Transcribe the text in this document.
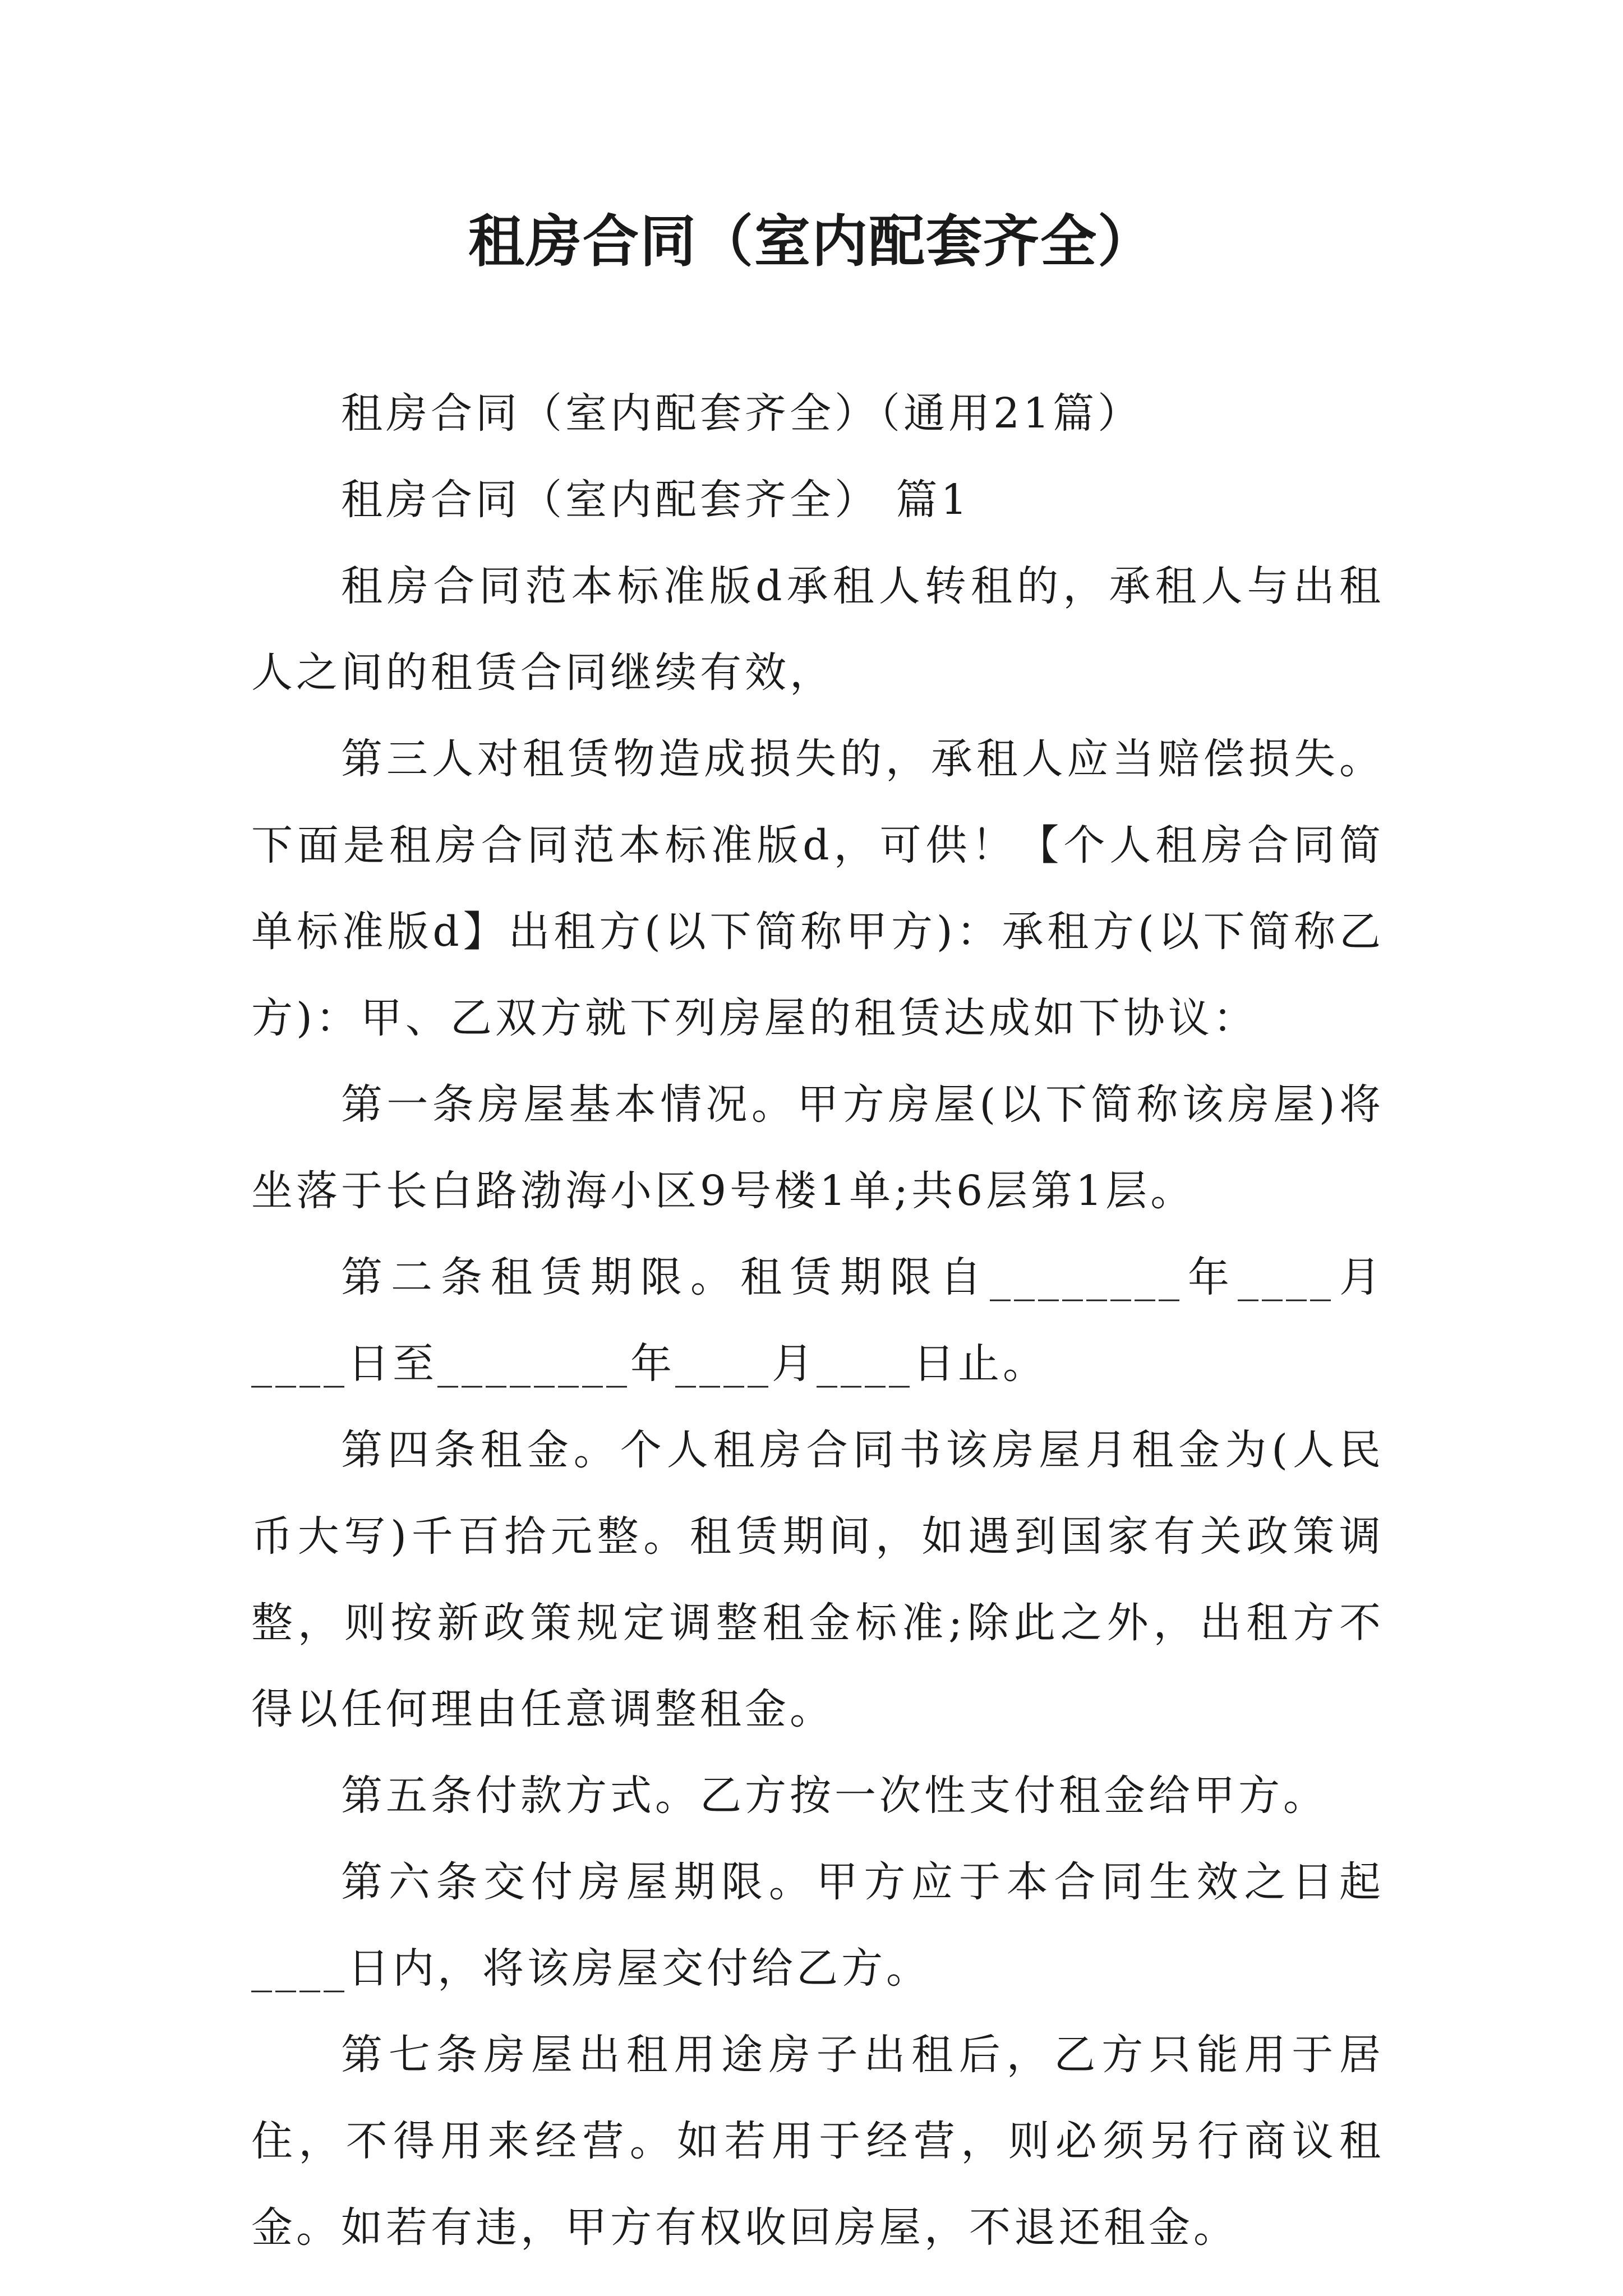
租房合同（室内配套齐全）

租房合同（室内配套齐全）（通用21篇）

租房合同（室内配套齐全） 篇1

租房合同范本标准版d承租人转租的，承租人与出租人之间的租赁合同继续有效，

第三人对租赁物造成损失的，承租人应当赔偿损失。下面是租房合同范本标准版d，可供！【个人租房合同简单标准版d】出租方(以下简称甲方)：承租方(以下简称乙方)：甲、乙双方就下列房屋的租赁达成如下协议：

第一条房屋基本情况。甲方房屋(以下简称该房屋)将坐落于长白路渤海小区9号楼1单;共6层第1层。

第二条租赁期限。租赁期限自________年____月____日至________年____月____日止。

第四条租金。个人租房合同书该房屋月租金为(人民币大写)千百拾元整。租赁期间，如遇到国家有关政策调整，则按新政策规定调整租金标准;除此之外，出租方不得以任何理由任意调整租金。

第五条付款方式。乙方按一次性支付租金给甲方。

第六条交付房屋期限。甲方应于本合同生效之日起____日内，将该房屋交付给乙方。

第七条房屋出租用途房子出租后，乙方只能用于居住，不得用来经营。如若用于经营，则必须另行商议租金。如若有违，甲方有权收回房屋，不退还租金。
